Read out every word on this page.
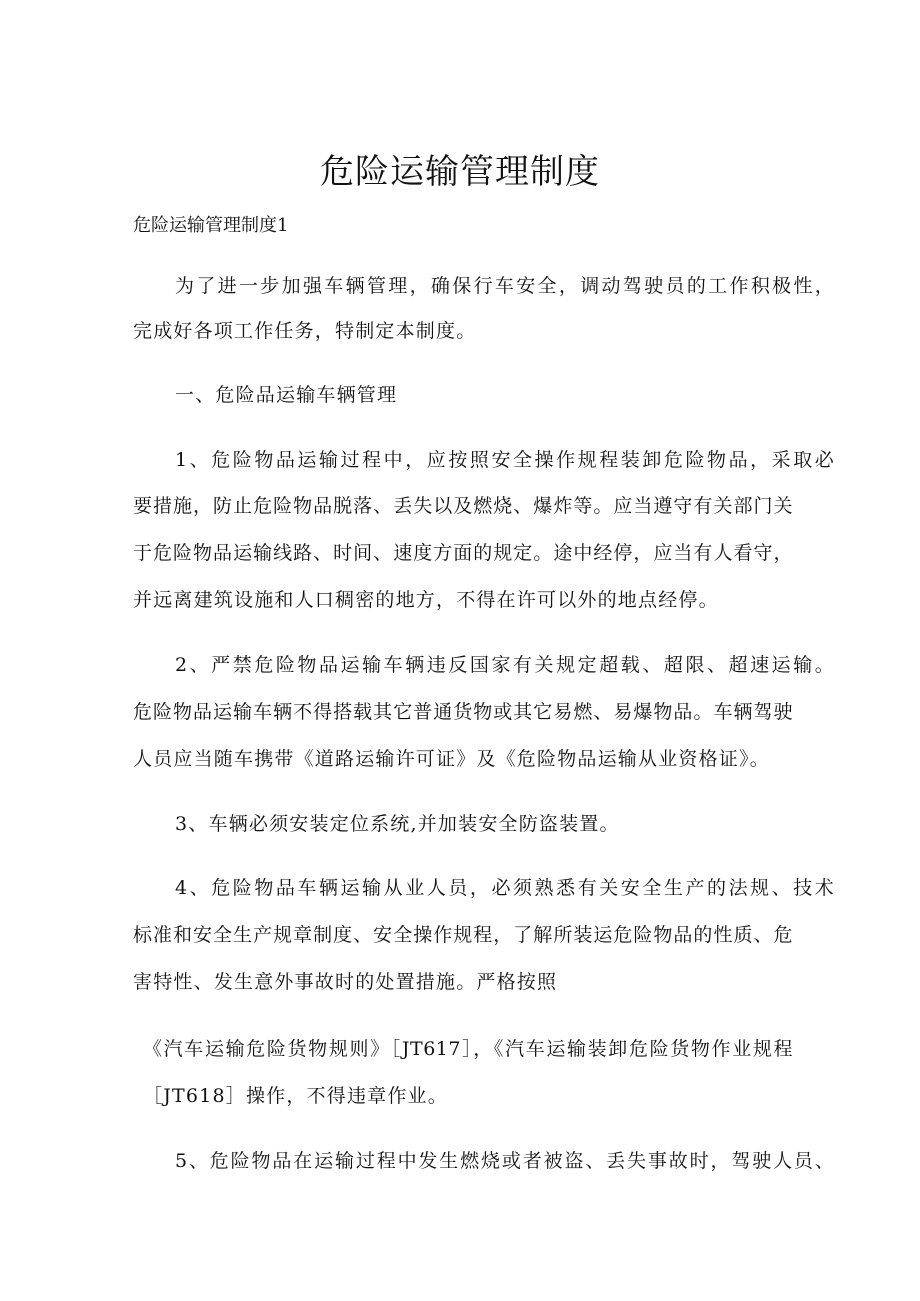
危险运输管理制度
危险运输管理制度1
为了进一步加强车辆管理，确保行车安全，调动驾驶员的工作积极性，
完成好各项工作任务，特制定本制度。
一、危险品运输车辆管理
1、危险物品运输过程中，应按照安全操作规程装卸危险物品，采取必
要措施，防止危险物品脱落、丢失以及燃烧、爆炸等。应当遵守有关部门关
于危险物品运输线路、时间、速度方面的规定。途中经停，应当有人看守，
并远离建筑设施和人口稠密的地方，不得在许可以外的地点经停。
2、严禁危险物品运输车辆违反国家有关规定超载、超限、超速运输。
危险物品运输车辆不得搭载其它普通货物或其它易燃、易爆物品。车辆驾驶
人员应当随车携带《道路运输许可证》及《危险物品运输从业资格证》。
3、车辆必须安装定位系统,并加装安全防盗装置。
4、危险物品车辆运输从业人员，必须熟悉有关安全生产的法规、技术
标准和安全生产规章制度、安全操作规程，了解所装运危险物品的性质、危
害特性、发生意外事故时的处置措施。严格按照
《汽车运输危险货物规则》［JT617］，《汽车运输装卸危险货物作业规程
［JT618］操作，不得违章作业。
5、危险物品在运输过程中发生燃烧或者被盗、丢失事故时，驾驶人员、
